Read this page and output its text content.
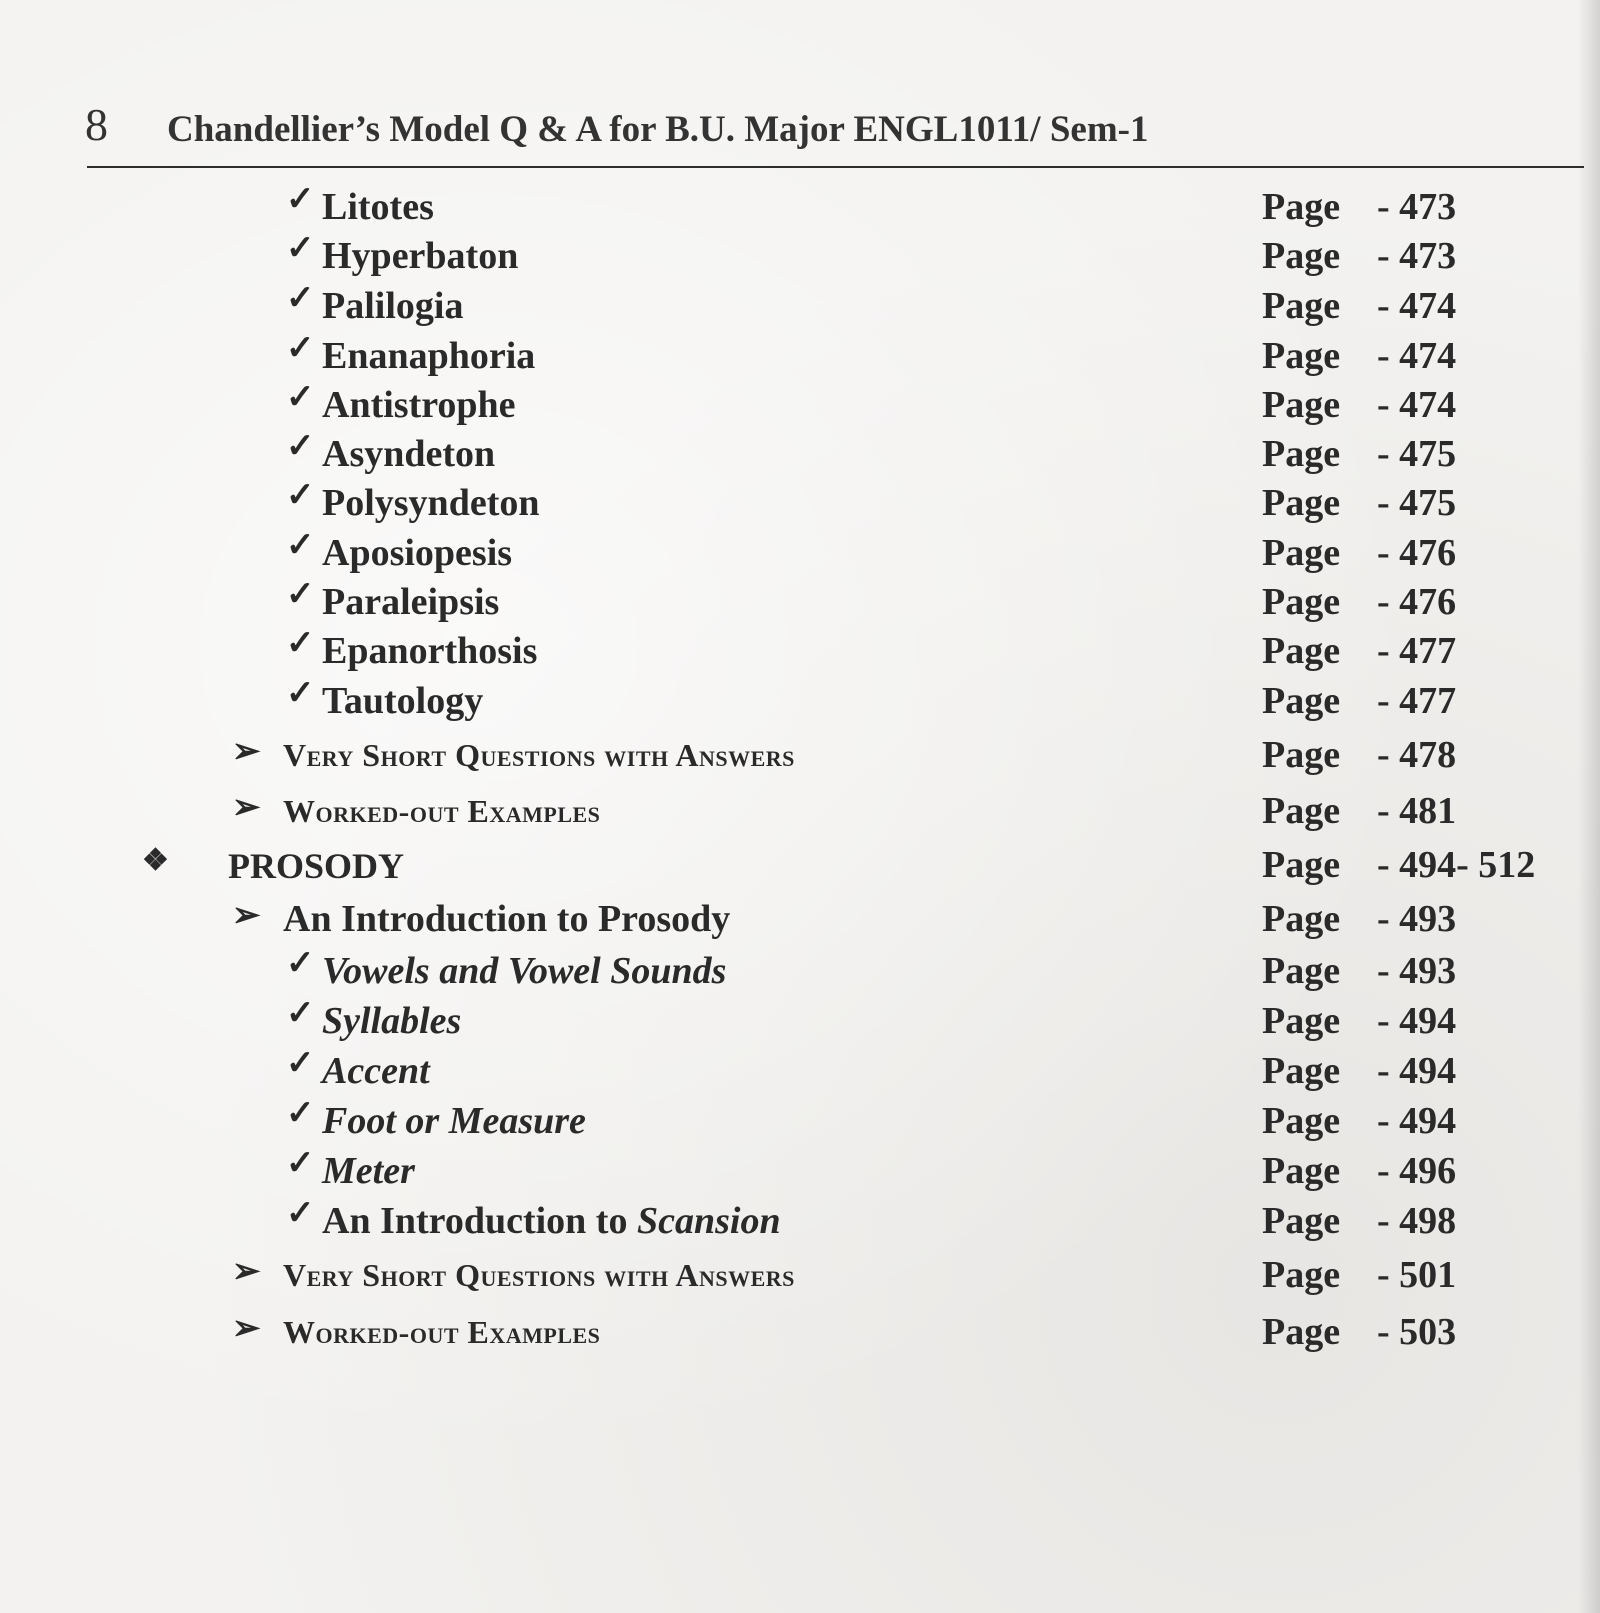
8 Chandellier’s Model Q & A for B.U. Major ENGL1011/ Sem-1
✓ Litotes	Page - 473
✓ Hyperbaton	Page - 473
✓ Palilogia	Page - 474
✓ Enanaphoria	Page - 474
✓ Antistrophe	Page - 474
✓ Asyndeton	Page - 475
✓ Polysyndeton	Page - 475
✓ Aposiopesis	Page - 476
✓ Paraleipsis	Page - 476
✓ Epanorthosis	Page - 477
✓ Tautology	Page - 477
➢ Very Short Questions with Answers	Page - 478
➢ Worked-out Examples	Page - 481
❖ PROSODY	Page - 494- 512
➢ An Introduction to Prosody	Page - 493
✓ Vowels and Vowel Sounds	Page - 493
✓ Syllables	Page - 494
✓ Accent	Page - 494
✓ Foot or Measure	Page - 494
✓ Meter	Page - 496
✓ An Introduction to Scansion	Page - 498
➢ Very Short Questions with Answers	Page - 501
➢ Worked-out Examples	Page - 503
